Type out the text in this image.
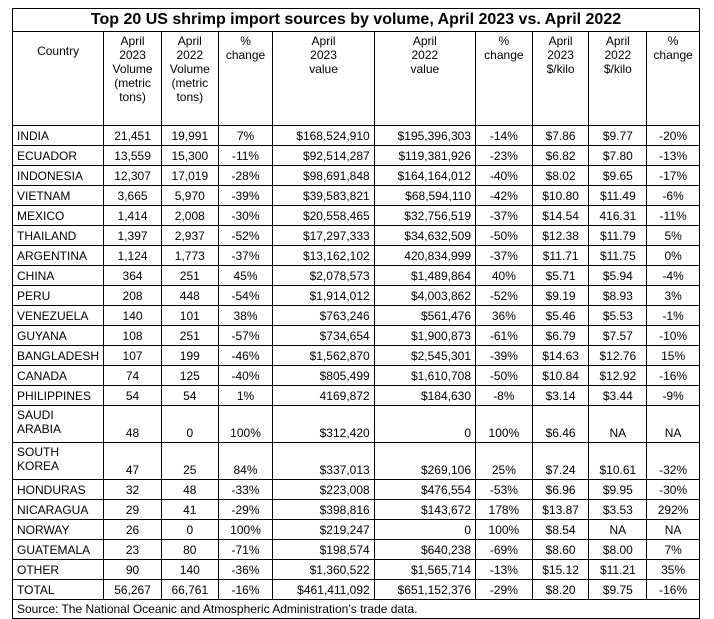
Top 20 US shrimp import sources by volume, April 2023 vs. April 2022									

Country	April
2023
Volume
(metric
tons)	April
2022
Volume
(metric
tons)	%
change	April
2023
value	April
2022
value	%
change	April
2023
$/kilo	April
2022
$/kilo	%
change

INDIA	21,451	19,991	7%	$168,524,910	$195,396,303	-14%	$7.86	$9.77	-20%

ECUADOR	13,559	15,300	-11%	$92,514,287	$119,381,926	-23%	$6.82	$7.80	-13%

INDONESIA	12,307	17,019	-28%	$98,691,848	$164,164,012	-40%	$8.02	$9.65	-17%

VIETNAM	3,665	5,970	-39%	$39,583,821	$68,594,110	-42%	$10.80	$11.49	-6%

MEXICO	1,414	2,008	-30%	$20,558,465	$32,756,519	-37%	$14.54	416.31	-11%

THAILAND	1,397	2,937	-52%	$17,297,333	$34,632,509	-50%	$12.38	$11.79	5%

ARGENTINA	1,124	1,773	-37%	$13,162,102	420,834,999	-37%	$11.71	$11.75	0%

CHINA	364	251	45%	$2,078,573	$1,489,864	40%	$5.71	$5.94	-4%

PERU	208	448	-54%	$1,914,012	$4,003,862	-52%	$9.19	$8.93	3%

VENEZUELA	140	101	38%	$763,246	$561,476	36%	$5.46	$5.53	-1%

GUYANA	108	251	-57%	$734,654	$1,900,873	-61%	$6.79	$7.57	-10%

BANGLADESH	107	199	-46%	$1,562,870	$2,545,301	-39%	$14.63	$12.76	15%

CANADA	74	125	-40%	$805,499	$1,610,708	-50%	$10.84	$12.92	-16%

PHILIPPINES	54	54	1%	4169,872	$184,630	-8%	$3.14	$3.44	-9%

SAUDI
ARABIA	48	0	100%	$312,420	0	100%	$6.46	NA	NA

SOUTH
KOREA	47	25	84%	$337,013	$269,106	25%	$7.24	$10.61	-32%

HONDURAS	32	48	-33%	$223,008	$476,554	-53%	$6.96	$9.95	-30%

NICARAGUA	29	41	-29%	$398,816	$143,672	178%	$13.87	$3.53	292%

NORWAY	26	0	100%	$219,247	0	100%	$8.54	NA	NA

GUATEMALA	23	80	-71%	$198,574	$640,238	-69%	$8.60	$8.00	7%

OTHER	90	140	-36%	$1,360,522	$1,565,714	-13%	$15.12	$11.21	35%

TOTAL	56,267	66,761	-16%	$461,411,092	$651,152,376	-29%	$8.20	$9.75	-16%
Source: The National Oceanic and Atmospheric Administration’s trade data.									
